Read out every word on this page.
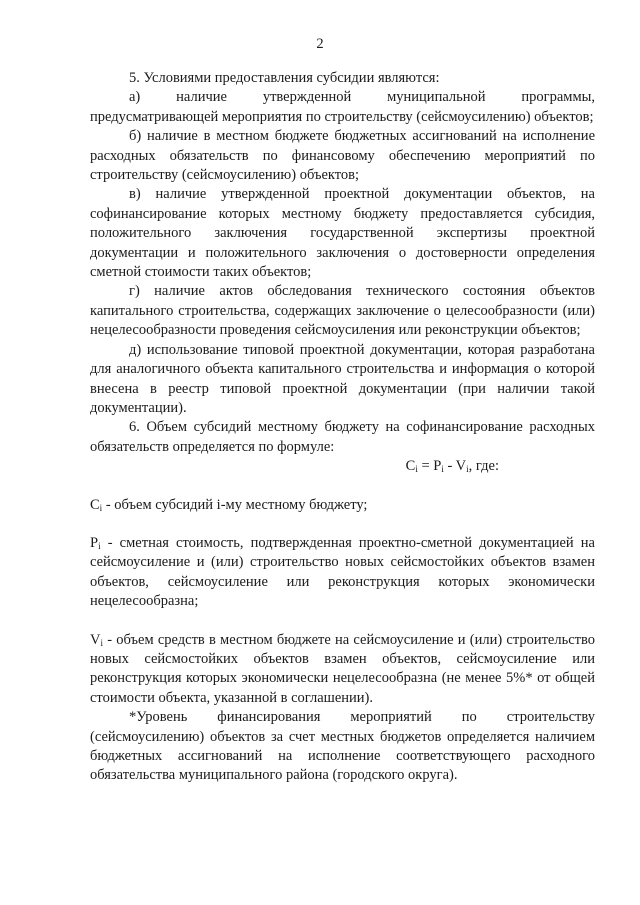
2

5. Условиями предоставления субсидии являются:

а) наличие утвержденной муниципальной программы, предусматривающей мероприятия по строительству (сейсмоусилению) объектов;

б) наличие в местном бюджете бюджетных ассигнований на исполнение расходных обязательств по финансовому обеспечению мероприятий по строительству (сейсмоусилению) объектов;

в) наличие утвержденной проектной документации объектов, на софинансирование которых местному бюджету предоставляется субсидия, положительного заключения государственной экспертизы проектной документации и положительного заключения о достоверности определения сметной стоимости таких объектов;

г) наличие актов обследования технического состояния объектов капитального строительства, содержащих заключение о целесообразности (или) нецелесообразности проведения сейсмоусиления или реконструкции объектов;

д) использование типовой проектной документации, которая разработана для аналогичного объекта капитального строительства и информация о которой внесена в реестр типовой проектной документации (при наличии такой документации).

6. Объем субсидий местному бюджету на софинансирование расходных обязательств определяется по формуле:

$C_i = P_i - V_i$, где:

$C_i$ - объем субсидий i-му местному бюджету;

$P_i$ - сметная стоимость, подтвержденная проектно-сметной документацией на сейсмоусиление и (или) строительство новых сейсмостойких объектов взамен объектов, сейсмоусиление или реконструкция которых экономически нецелесообразна;

$V_i$ - объем средств в местном бюджете на сейсмоусиление и (или) строительство новых сейсмостойких объектов взамен объектов, сейсмоусиление или реконструкция которых экономически нецелесообразна (не менее 5%* от общей стоимости объекта, указанной в соглашении).

*Уровень финансирования мероприятий по строительству (сейсмоусилению) объектов за счет местных бюджетов определяется наличием бюджетных ассигнований на исполнение соответствующего расходного обязательства муниципального района (городского округа).
